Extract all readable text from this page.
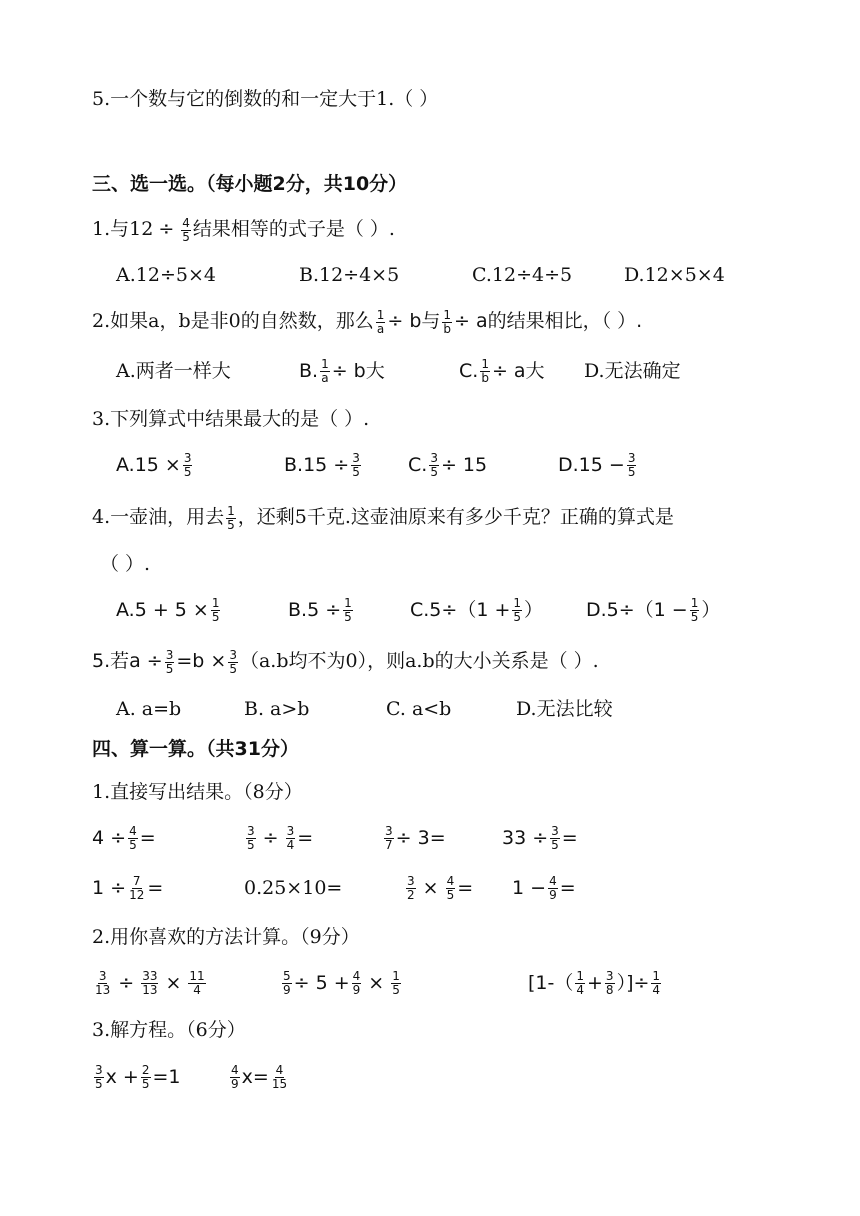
5.一个数与它的倒数的和一定大于1.（ ）
三、选一选。（每小题2分，共10分）
1.与$12 \div \frac{4}{5}$ 结果相等的式子是（ ）.
A.12÷5×4	B.12÷4×5	C.12÷4÷5	D.12×5×4
2.如果a，b是非0的自然数，那么 $\frac{1}{a} \div b$与 $\frac{1}{b} \div a$的结果相比，（ ）.
A.两者一样大	B. $\frac{1}{a} \div b$大	C. $\frac{1}{b} \div a$大 D.无法确定
3.下列算式中结果最大的是（ ）.
$A.15 \times \frac{3}{5}$	$B.15 \div \frac{3}{5} C$. $\frac{3}{5} \div 15$	$D.15 - \frac{3}{5}$
4.一壶油，用去 $\frac{1}{5}$ ，还剩5千克.这壶油原来有多少千克？正确的算式是
（ ）.
$A.5 + 5 \times \frac{1}{5}$	$B.5 \div \frac{1}{5}$	$C.5\div(1 + \frac{1}{5}$ ） $D.5\div(1 - \frac{1}{5}$ ）
5.若$a \div \frac{3}{5} =b \times \frac{3}{5} (a.b$均不为0），则a.b的大小关系是（ ）.
A. a=b	B. a>b	C. a<b	D.无法比较
四、算一算。（共31分）
1.直接写出结果。（8分）
$4 \div \frac{4}{5}$ =	$\frac{3}{5} \div \frac{3}{4}$ =	$\frac{3}{7} \div 3=$	$33 \div \frac{3}{5}$ =
$1 \div \frac{7}{12}$ =	0.25×10=	$\frac{3}{2} \times \frac{4}{5} = 1 - \frac{4}{9}$ =
2.用你喜欢的方法计算。（9分）
$\frac{3}{13} \div \frac{33}{13} \times \frac{11}{4}$	$\frac{5}{9} \div 5 + \frac{4}{9} \times \frac{1}{5}$	[$1-( \frac{1}{4} + \frac{3}{8}$ ）]÷ $\frac{1}{4}$
3.解方程。（6分）
$\frac{3}{5}$ $x + \frac{2}{5} =1$	$\frac{4}{9} x= \frac{4}{15}$
